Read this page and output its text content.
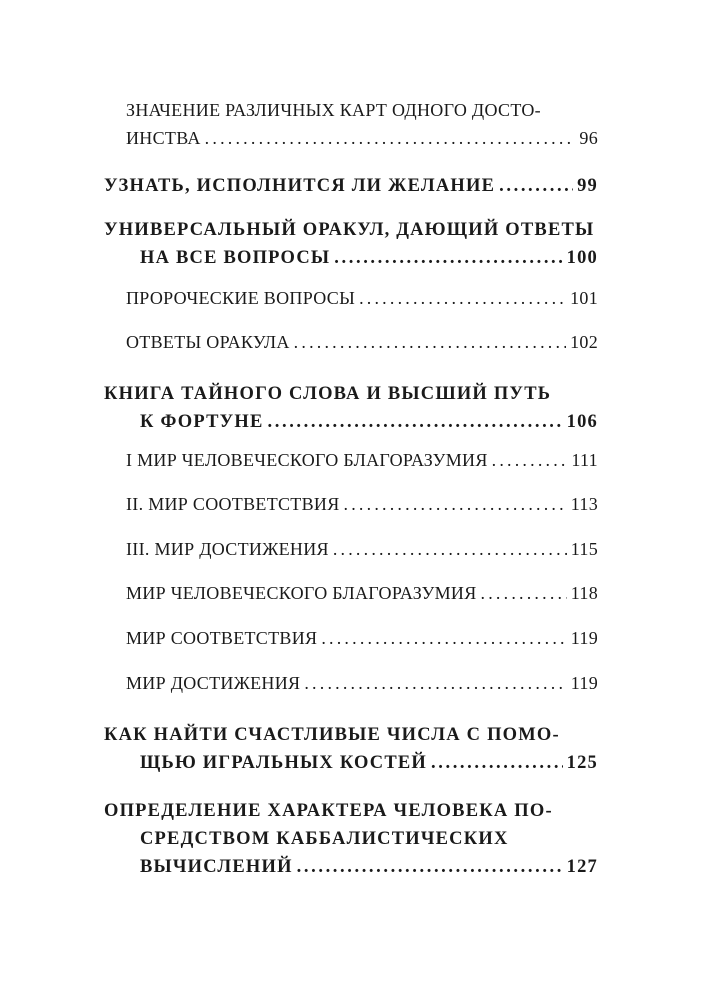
ЗНАЧЕНИЕ РАЗЛИЧНЫХ КАРТ ОДНОГО ДОСТО-
ИНСТВА .....	96
УЗНАТЬ, ИСПОЛНИТСЯ ЛИ ЖЕЛАНИЕ .....	99
УНИВЕРСАЛЬНЫЙ ОРАКУЛ, ДАЮЩИЙ ОТВЕТЫ
НА ВСЕ ВОПРОСЫ .....	100
ПРОРОЧЕСКИЕ ВОПРОСЫ .....	101
ОТВЕТЫ ОРАКУЛА .....	102
КНИГА ТАЙНОГО СЛОВА И ВЫСШИЙ ПУТЬ
К ФОРТУНЕ .....	106
I МИР ЧЕЛОВЕЧЕСКОГО БЛАГОРАЗУМИЯ .....	111
II. МИР СООТВЕТСТВИЯ .....	113
III. МИР ДОСТИЖЕНИЯ .....	115
МИР ЧЕЛОВЕЧЕСКОГО БЛАГОРАЗУМИЯ .....	118
МИР СООТВЕТСТВИЯ .....	119
МИР ДОСТИЖЕНИЯ .....	119
КАК НАЙТИ СЧАСТЛИВЫЕ ЧИСЛА С ПОМО-
ЩЬЮ ИГРАЛЬНЫХ КОСТЕЙ .....	125
ОПРЕДЕЛЕНИЕ ХАРАКТЕРА ЧЕЛОВЕКА ПО-
СРЕДСТВОМ КАББАЛИСТИЧЕСКИХ
ВЫЧИСЛЕНИЙ .....	127
